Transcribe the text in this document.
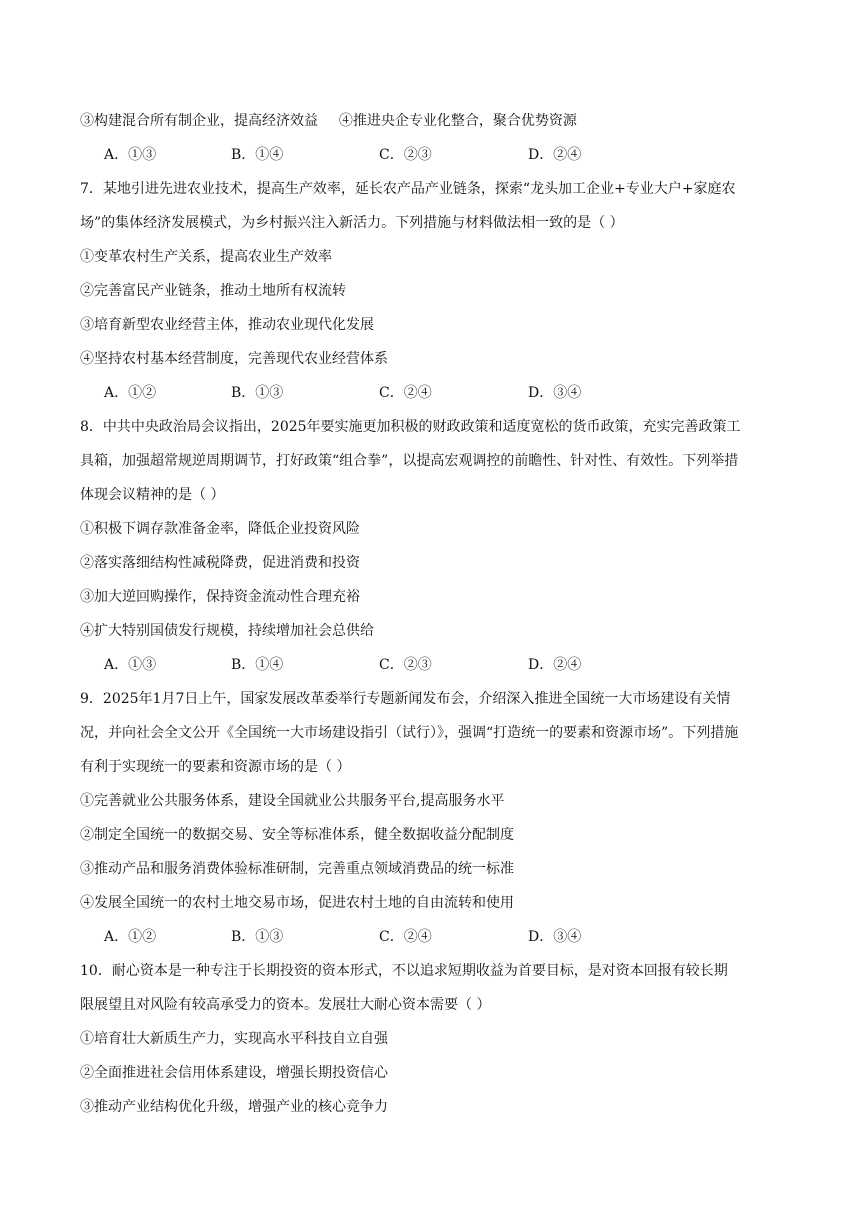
③构建混合所有制企业，提高经济效益 ④推进央企专业化整合，聚合优势资源
A．①③	B．①④	C．②③	D．②④
7．某地引进先进农业技术，提高生产效率，延长农产品产业链条，探索“龙头加工企业+专业大户+家庭农
场”的集体经济发展模式，为乡村振兴注入新活力。下列措施与材料做法相一致的是（ ）
①变革农村生产关系，提高农业生产效率
②完善富民产业链条，推动土地所有权流转
③培育新型农业经营主体，推动农业现代化发展
④坚持农村基本经营制度，完善现代农业经营体系
A．①②	B．①③	C．②④	D．③④
8．中共中央政治局会议指出，2025年要实施更加积极的财政政策和适度宽松的货币政策，充实完善政策工
具箱，加强超常规逆周期调节，打好政策“组合拳”，以提高宏观调控的前瞻性、针对性、有效性。下列举措
体现会议精神的是（ ）
①积极下调存款准备金率，降低企业投资风险
②落实落细结构性减税降费，促进消费和投资
③加大逆回购操作，保持资金流动性合理充裕
④扩大特别国债发行规模，持续增加社会总供给
A．①③	B．①④	C．②③	D．②④
9．2025年1月7日上午，国家发展改革委举行专题新闻发布会，介绍深入推进全国统一大市场建设有关情
况，并向社会全文公开《全国统一大市场建设指引（试行）》，强调“打造统一的要素和资源市场”。下列措施
有利于实现统一的要素和资源市场的是（ ）
①完善就业公共服务体系，建设全国就业公共服务平台,提高服务水平
②制定全国统一的数据交易、安全等标准体系，健全数据收益分配制度
③推动产品和服务消费体验标准研制，完善重点领域消费品的统一标准
④发展全国统一的农村土地交易市场，促进农村土地的自由流转和使用
A．①②	B．①③	C．②④	D．③④
10．耐心资本是一种专注于长期投资的资本形式，不以追求短期收益为首要目标，是对资本回报有较长期
限展望且对风险有较高承受力的资本。发展壮大耐心资本需要（ ）
①培育壮大新质生产力，实现高水平科技自立自强
②全面推进社会信用体系建设，增强长期投资信心
③推动产业结构优化升级，增强产业的核心竞争力
